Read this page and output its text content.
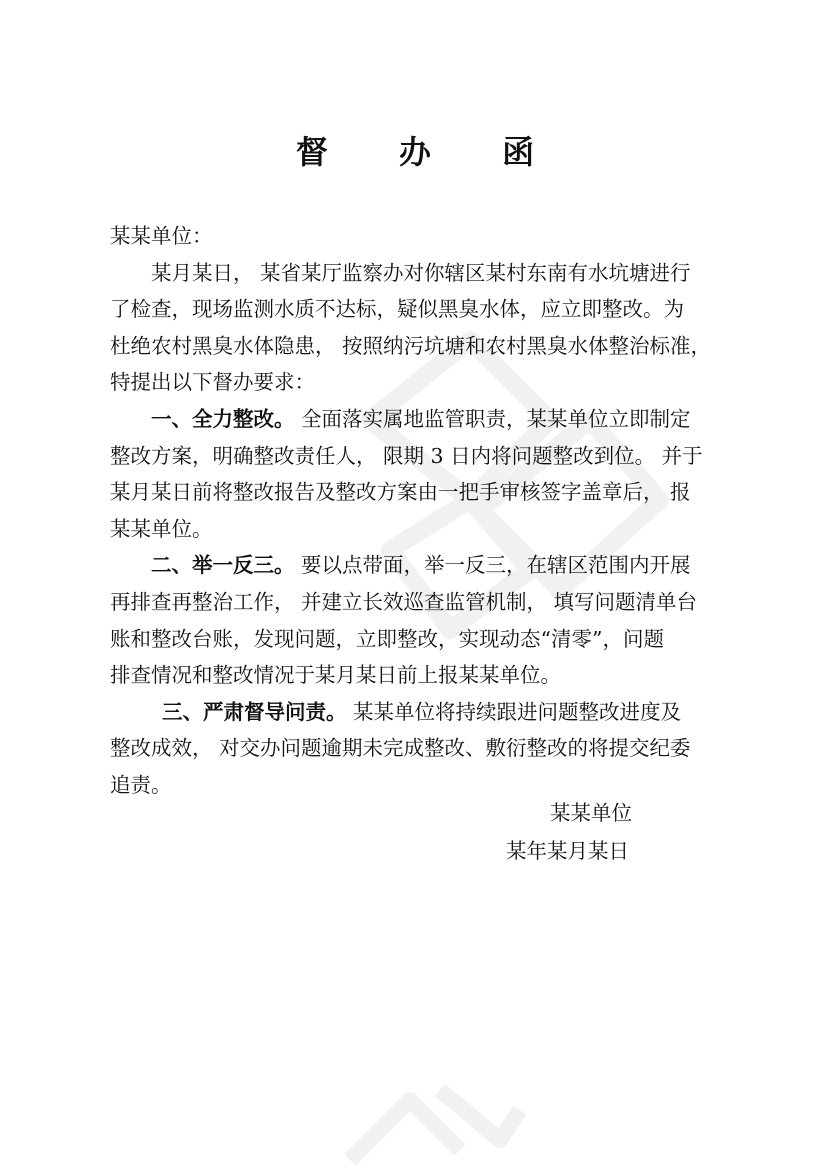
督 办 函
某某单位：
某月某日， 某省某厅监察办对你辖区某村东南有水坑塘进行
了检查，现场监测水质不达标，疑似黑臭水体，应立即整改。为
杜绝农村黑臭水体隐患， 按照纳污坑塘和农村黑臭水体整治标准，
特提出以下督办要求：
一、全力整改。 全面落实属地监管职责，某某单位立即制定
整改方案，明确整改责任人， 限期 3 日内将问题整改到位。 并于
某月某日前将整改报告及整改方案由一把手审核签字盖章后， 报
某某单位。
二、举一反三。 要以点带面，举一反三，在辖区范围内开展
再排查再整治工作， 并建立长效巡查监管机制， 填写问题清单台
账和整改台账，发现问题，立即整改，实现动态“清零”，问题
排查情况和整改情况于某月某日前上报某某单位。
三、严肃督导问责。 某某单位将持续跟进问题整改进度及
整改成效， 对交办问题逾期未完成整改、敷衍整改的将提交纪委
追责。
某某单位
某年某月某日
